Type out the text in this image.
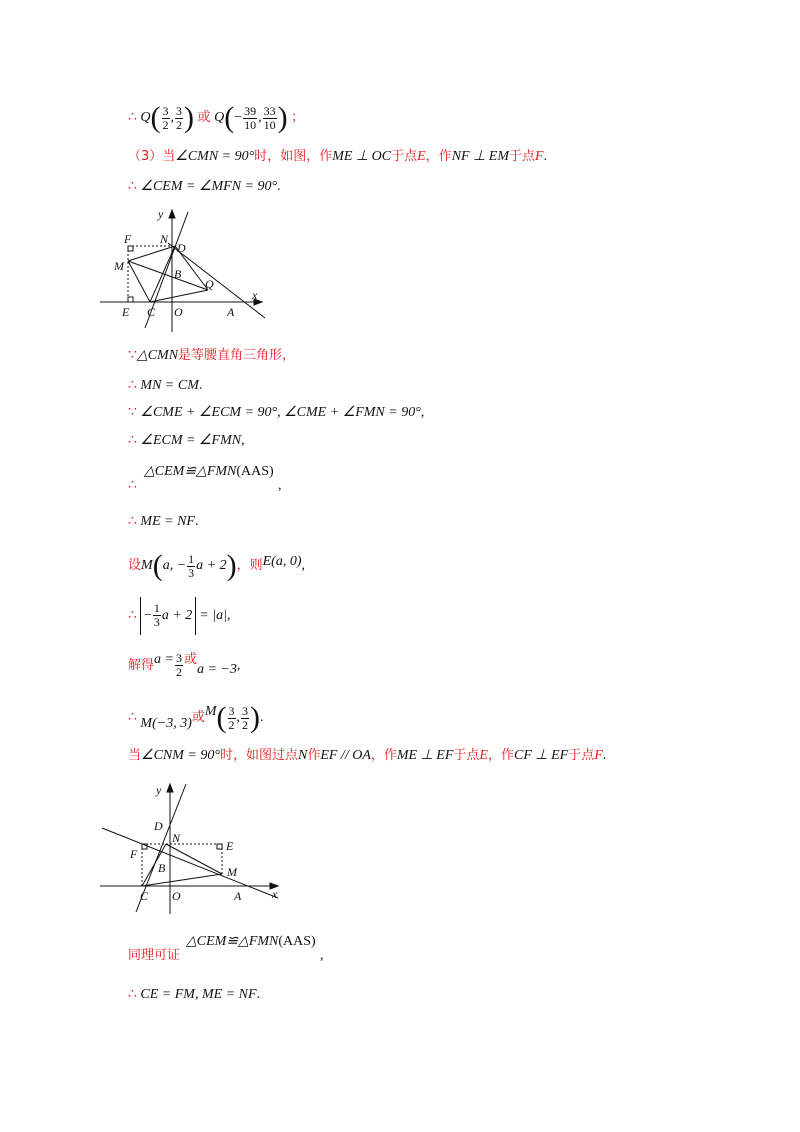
∴ $Q( \frac{3}{2}$ , $\frac{3}{2}$ ) 或 $Q(- \frac{39}{10}$ , $\frac{33}{10}$ ) ；
（3）当∠CMN = 90°时，如图，作ME ⊥ OC于点E，作NF ⊥ EM于点F.
∴ ∠CEM = ∠MFN = 90°.
y
x
F N
D
M
B
Q
E C O	A
∵△CMN是等腰直角三角形，
∴ MN = CM.
∵ ∠CME + ∠ECM = 90°, ∠CME + ∠FMN = 90°,
∴ ∠ECM = ∠FMN,
∴
△CEM≌△FMN(AAS)
,
∴ ME = NF.
设M(a, − $\frac{1}{3}$ a + 2)，则E(a, 0),
∴ − $\frac{1}{3}$ a + 2 = |a|,
解得$a = \frac{3}{2}$ 或a = −3,
∴ M(−3, 3)或$M( \frac{3}{2}$ , $\frac{3}{2}$ ).
当∠CNM = 90°时，如图过点N作EF // OA，作ME ⊥ EF于点E，作CF ⊥ EF于点F.
y
x
D
N
E
F
B	M
C O	A
同理可证
△CEM≌△FMN(AAS)
,
∴ CE = FM, ME = NF.
